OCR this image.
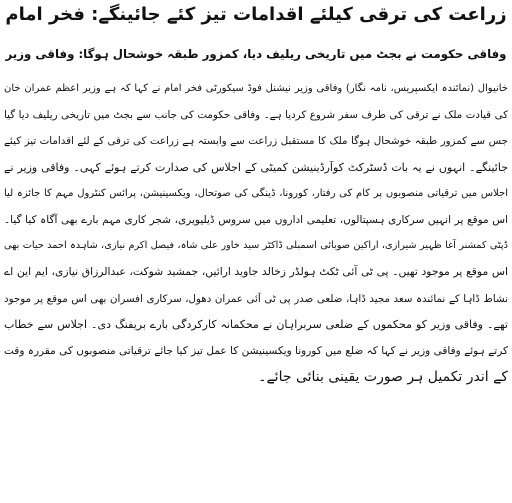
زراعت کی ترقی کیلئے اقدامات تیز کئے جائینگے: فخر امام
وفاقی حکومت نے بجٹ میں تاریخی ریلیف دیا، کمزور طبقہ خوشحال ہوگا: وفاقی وزیر
خانیوال (نمائندہ ایکسپریس، نامہ نگار) وفاقی وزیر نیشنل فوڈ سیکورٹی فخر امام نے کہا کہ ہے وزیر اعظم عمران خان
کی قیادت ملک نے ترقی کی طرف سفر شروع کردیا ہے۔ وفاقی حکومت کی جانب سے بجٹ میں تاریخی ریلیف دیا گیا
جس سے کمزور طبقہ خوشحال ہوگا ملک کا مستقبل زراعت سے وابستہ ہے زراعت کی ترقی کے لئے اقدامات تیز کیئے
جائینگے۔ انہوں نے یہ بات ڈسٹرکٹ کوآرڈینیشن کمیٹی کے اجلاس کی صدارت کرتے ہوئے کہی۔ وفاقی وزیر نے
اجلاس میں ترقیاتی منصوبوں پر کام کی رفتار، کورونا، ڈینگی کی صوتحال، ویکسینیشن، پرائس کنٹرول مہم کا جائزہ لیا
اس موقع پر انہیں سرکاری ہسپتالوں، تعلیمی اداروں میں سروس ڈیلیویری، شجر کاری مہم بارے بھی آگاہ کیا گیا۔
ڈپٹی کمشنر آغا ظہیر شیرازی، اراکین صوبائی اسمبلی ڈاکٹر سید خاور علی شاہ، فیصل اکرم نیازی، شاہدہ احمد حیات بھی
اس موقع پر موجود تھیں۔ پی ٹی آئی ٹکٹ ہولڈر زخالد جاوید ارائیں، جمشید شوکت، عبدالرزاق نیازی، ایم این اے
نشاط ڈاہا کے نمائندہ سعد مجید ڈاہا، ضلعی صدر پی ٹی آئی عمران دھول، سرکاری افسران بھی اس موقع پر موجود
تھے۔ وفاقی وزیر کو محکموں کے ضلعی سربراہان نے محکمانہ کارکردگی بارے بریفنگ دی۔ اجلاس سے خطاب
کرتے ہوئے وفاقی وزیر نے کہا کہ ضلع میں کورونا ویکسینیشن کا عمل تیز کیا جائے ترقیاتی منصوبوں کی مقررہ وقت
کے اندر تکمیل ہر صورت یقینی بنائی جائے۔
